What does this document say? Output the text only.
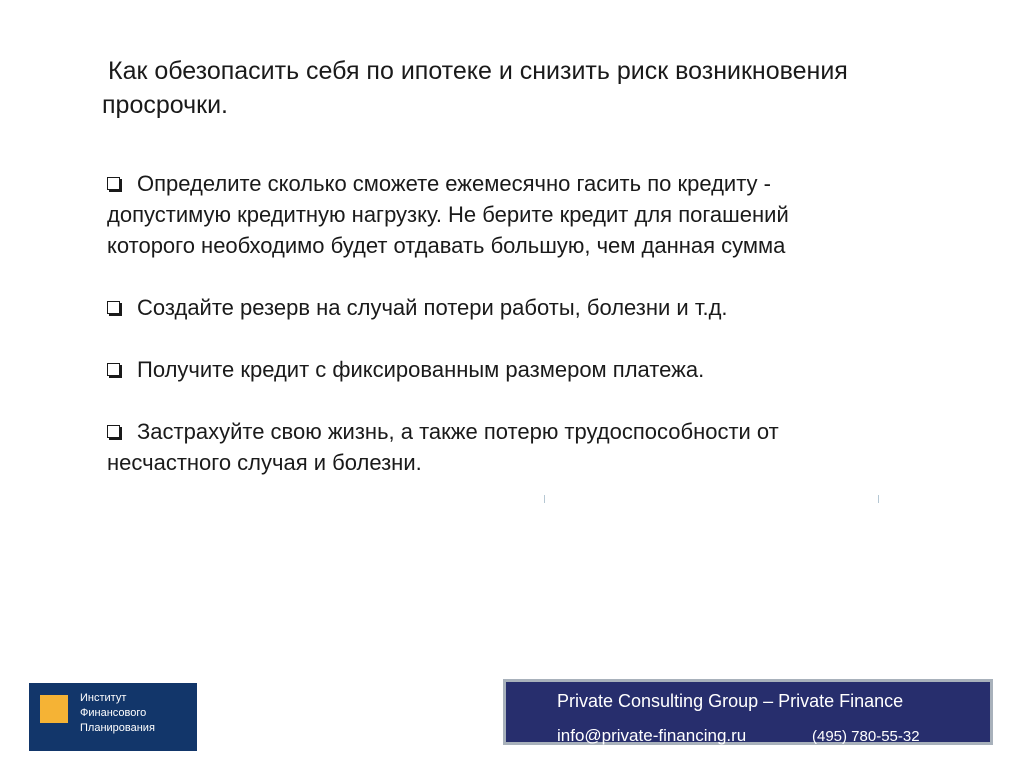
Как обезопасить себя по ипотеке и снизить риск возникновения
просрочки.
Определите сколько сможете ежемесячно гасить по кредиту -
допустимую кредитную нагрузку. Не берите кредит для погашений
которого необходимо будет отдавать большую, чем данная сумма
Создайте резерв на случай потери работы, болезни и т.д.
Получите кредит с фиксированным размером платежа.
Застрахуйте свою жизнь, а также потерю трудоспособности от
несчастного случая и болезни.
Институт
Финансового
Планирования
Private Consulting Group – Private Finance
info@private-financing.ru	(495) 780-55-32
